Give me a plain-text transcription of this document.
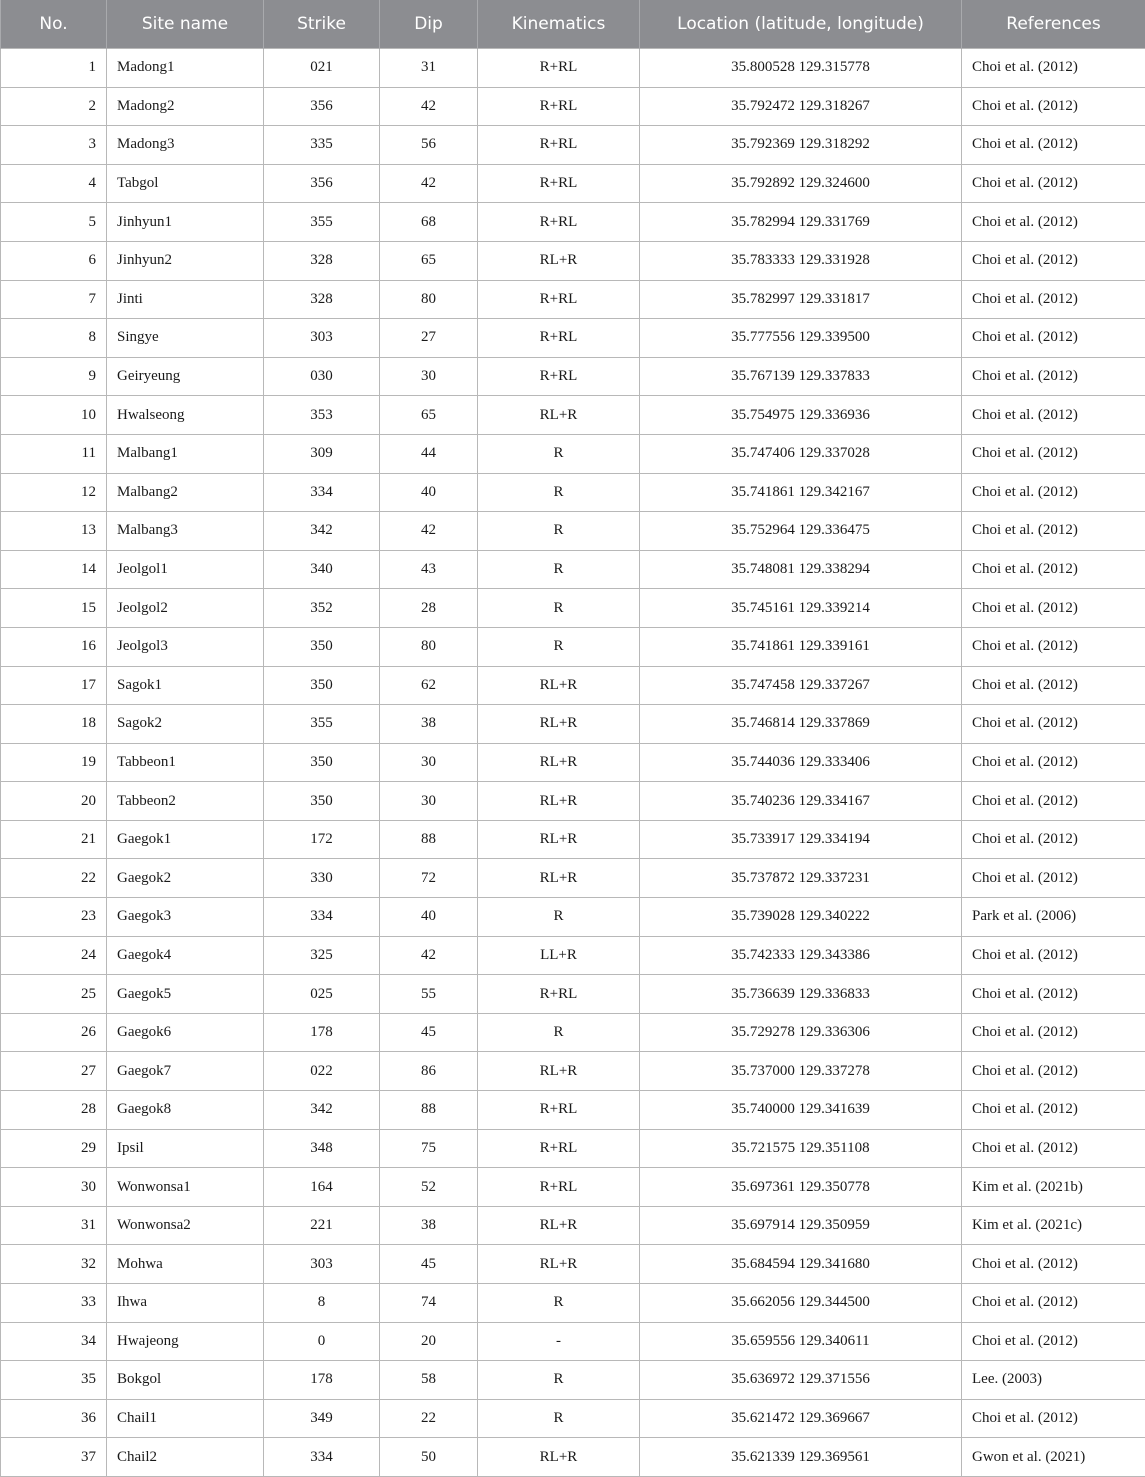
No.	Site name	Strike	Dip	Kinematics	Location (latitude, longitude)	References
1	Madong1	021	31	R+RL	35.800528 129.315778	Choi et al. (2012)
2	Madong2	356	42	R+RL	35.792472 129.318267	Choi et al. (2012)
3	Madong3	335	56	R+RL	35.792369 129.318292	Choi et al. (2012)
4	Tabgol	356	42	R+RL	35.792892 129.324600	Choi et al. (2012)
5	Jinhyun1	355	68	R+RL	35.782994 129.331769	Choi et al. (2012)
6	Jinhyun2	328	65	RL+R	35.783333 129.331928	Choi et al. (2012)
7	Jinti	328	80	R+RL	35.782997 129.331817	Choi et al. (2012)
8	Singye	303	27	R+RL	35.777556 129.339500	Choi et al. (2012)
9	Geiryeung	030	30	R+RL	35.767139 129.337833	Choi et al. (2012)
10	Hwalseong	353	65	RL+R	35.754975 129.336936	Choi et al. (2012)
11	Malbang1	309	44	R	35.747406 129.337028	Choi et al. (2012)
12	Malbang2	334	40	R	35.741861 129.342167	Choi et al. (2012)
13	Malbang3	342	42	R	35.752964 129.336475	Choi et al. (2012)
14	Jeolgol1	340	43	R	35.748081 129.338294	Choi et al. (2012)
15	Jeolgol2	352	28	R	35.745161 129.339214	Choi et al. (2012)
16	Jeolgol3	350	80	R	35.741861 129.339161	Choi et al. (2012)
17	Sagok1	350	62	RL+R	35.747458 129.337267	Choi et al. (2012)
18	Sagok2	355	38	RL+R	35.746814 129.337869	Choi et al. (2012)
19	Tabbeon1	350	30	RL+R	35.744036 129.333406	Choi et al. (2012)
20	Tabbeon2	350	30	RL+R	35.740236 129.334167	Choi et al. (2012)
21	Gaegok1	172	88	RL+R	35.733917 129.334194	Choi et al. (2012)
22	Gaegok2	330	72	RL+R	35.737872 129.337231	Choi et al. (2012)
23	Gaegok3	334	40	R	35.739028 129.340222	Park et al. (2006)
24	Gaegok4	325	42	LL+R	35.742333 129.343386	Choi et al. (2012)
25	Gaegok5	025	55	R+RL	35.736639 129.336833	Choi et al. (2012)
26	Gaegok6	178	45	R	35.729278 129.336306	Choi et al. (2012)
27	Gaegok7	022	86	RL+R	35.737000 129.337278	Choi et al. (2012)
28	Gaegok8	342	88	R+RL	35.740000 129.341639	Choi et al. (2012)
29	Ipsil	348	75	R+RL	35.721575 129.351108	Choi et al. (2012)
30	Wonwonsa1	164	52	R+RL	35.697361 129.350778	Kim et al. (2021b)
31	Wonwonsa2	221	38	RL+R	35.697914 129.350959	Kim et al. (2021c)
32	Mohwa	303	45	RL+R	35.684594 129.341680	Choi et al. (2012)
33	Ihwa	8	74	R	35.662056 129.344500	Choi et al. (2012)
34	Hwajeong	0	20	-	35.659556 129.340611	Choi et al. (2012)
35	Bokgol	178	58	R	35.636972 129.371556	Lee. (2003)
36	Chail1	349	22	R	35.621472 129.369667	Choi et al. (2012)
37	Chail2	334	50	RL+R	35.621339 129.369561	Gwon et al. (2021)
